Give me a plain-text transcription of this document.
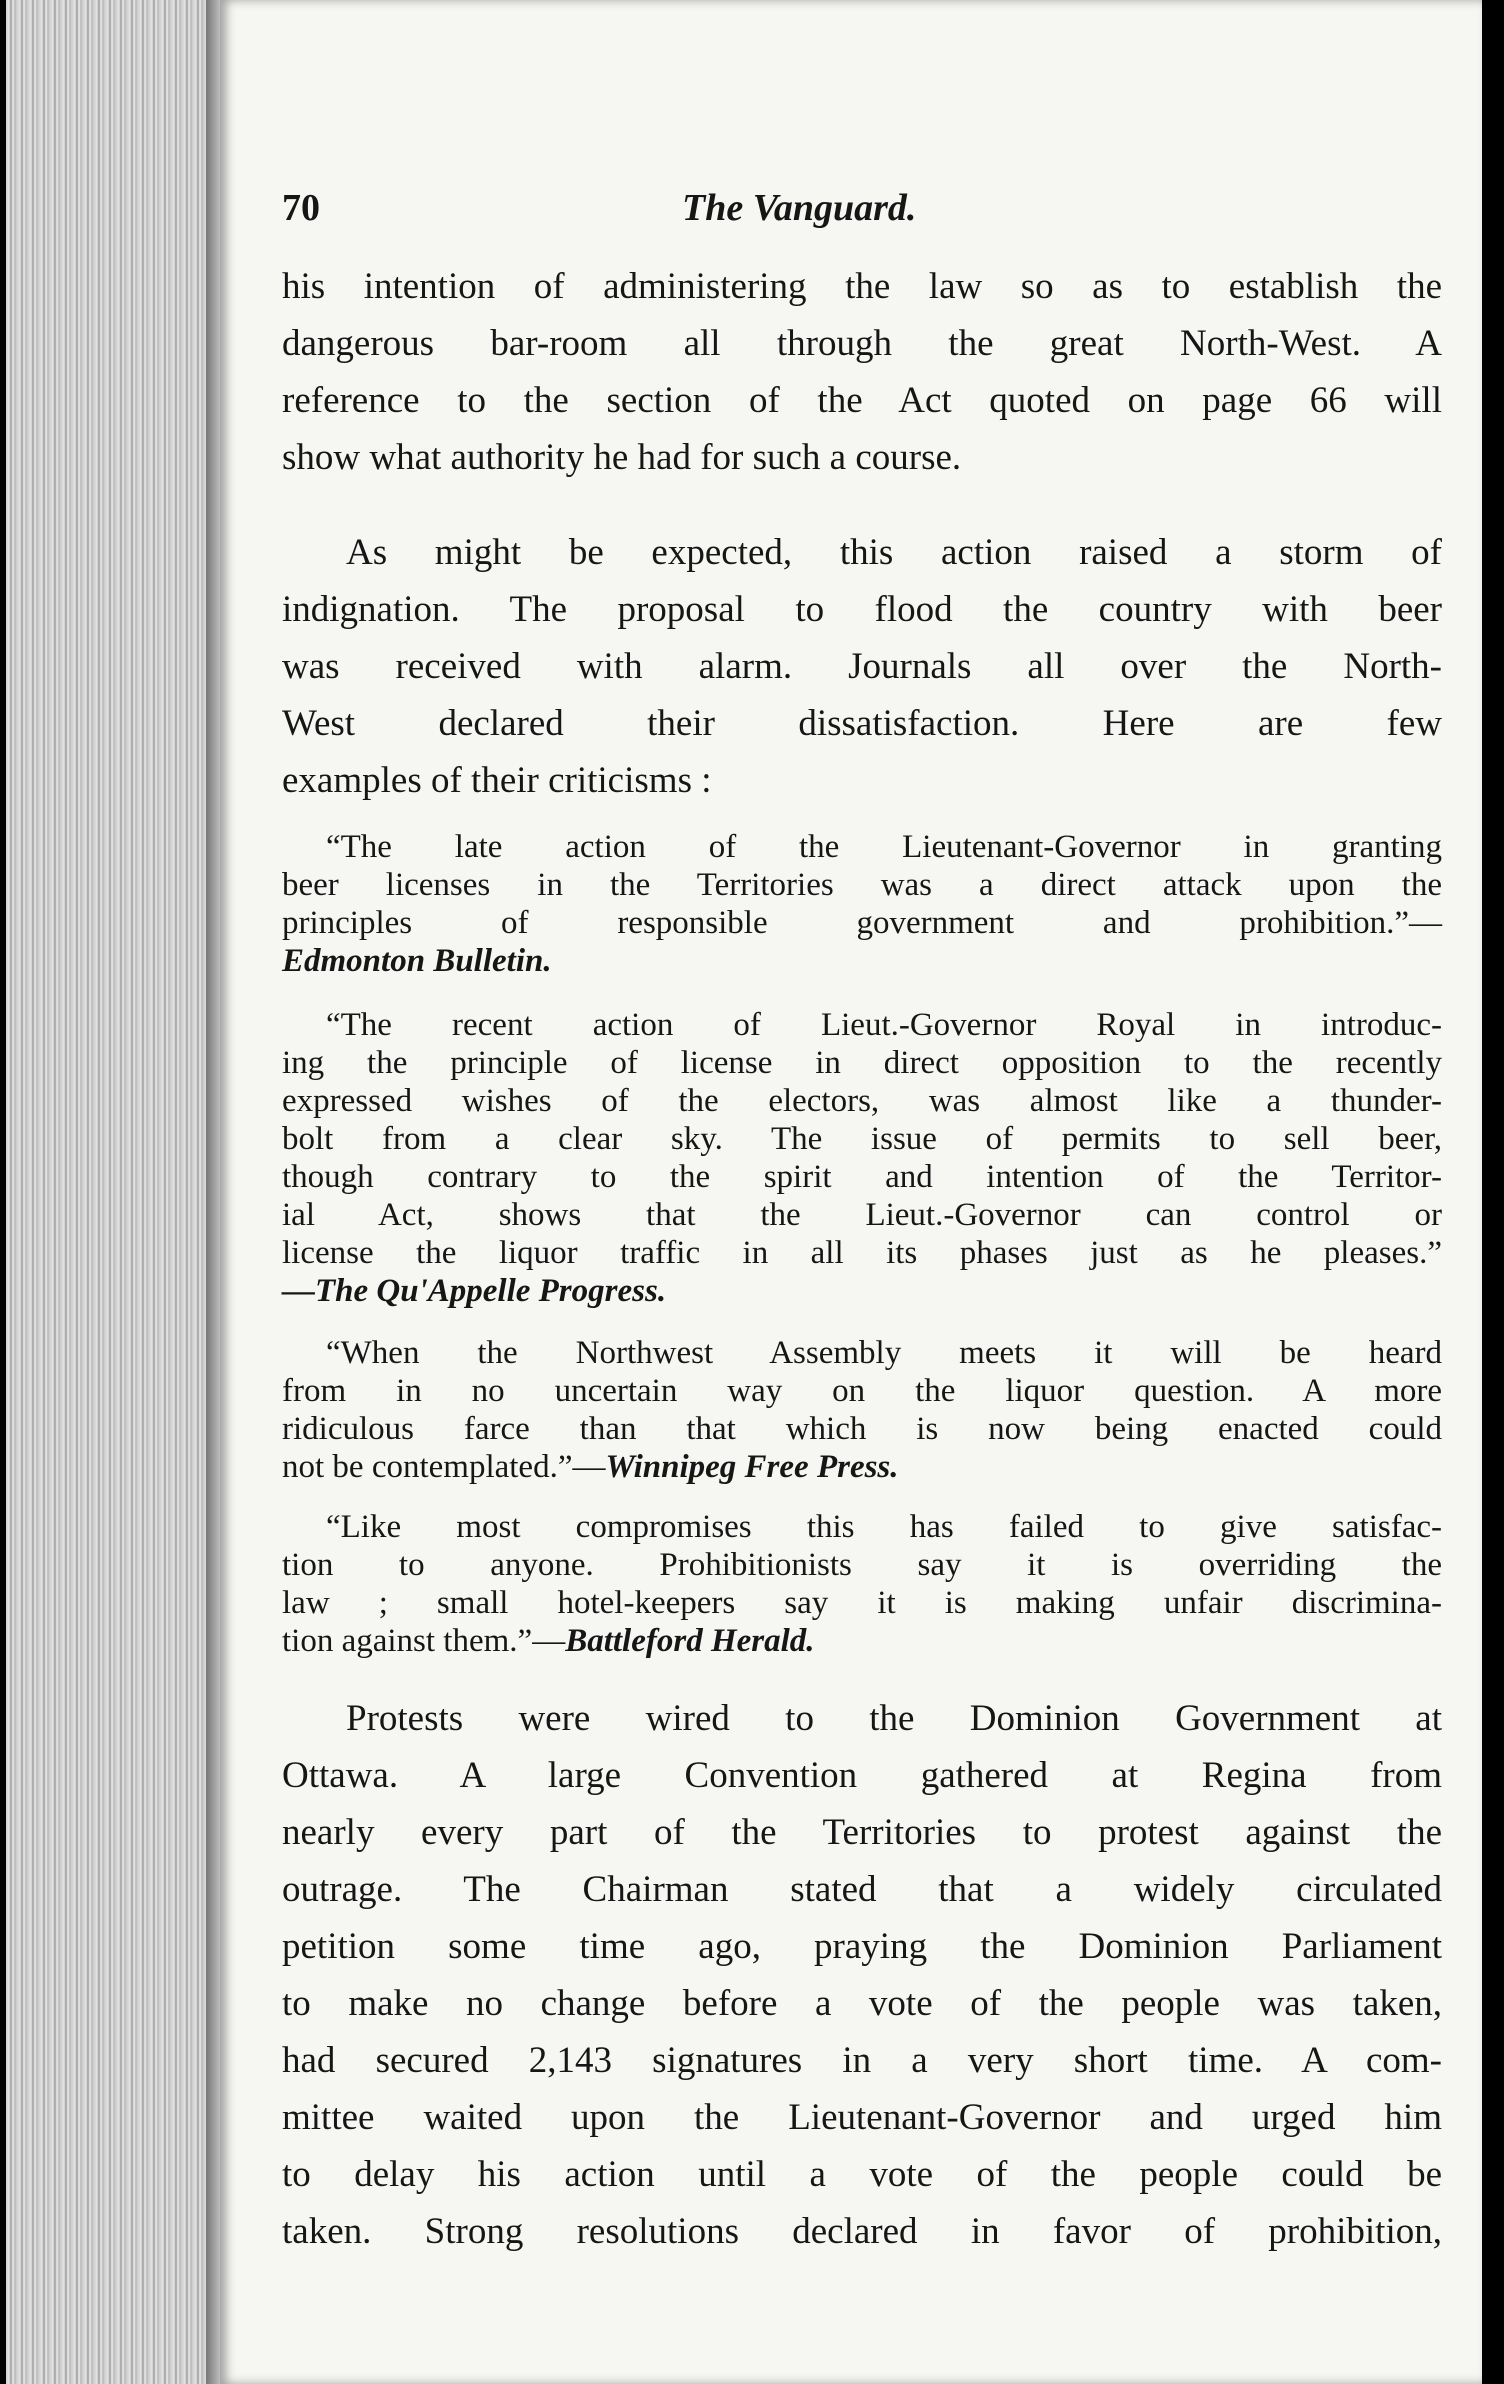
70	The Vanguard.
his intention of administering the law so as to establish the
dangerous bar-room all through the great North-West. A
reference to the section of the Act quoted on page 66 will
show what authority he had for such a course.
As might be expected, this action raised a storm of
indignation. The proposal to flood the country with beer
was received with alarm. Journals all over the North-
West declared their dissatisfaction. Here are few
examples of their criticisms :
“The late action of the Lieutenant-Governor in granting
beer licenses in the Territories was a direct attack upon the
principles of responsible government and prohibition.”—
Edmonton Bulletin.
“The recent action of Lieut.-Governor Royal in introduc-
ing the principle of license in direct opposition to the recently
expressed wishes of the electors, was almost like a thunder-
bolt from a clear sky. The issue of permits to sell beer,
though contrary to the spirit and intention of the Territor-
ial Act, shows that the Lieut.-Governor can control or
license the liquor traffic in all its phases just as he pleases.”
—The Qu'Appelle Progress.
“When the Northwest Assembly meets it will be heard
from in no uncertain way on the liquor question. A more
ridiculous farce than that which is now being enacted could
not be contemplated.”—Winnipeg Free Press.
“Like most compromises this has failed to give satisfac-
tion to anyone. Prohibitionists say it is overriding the
law ; small hotel-keepers say it is making unfair discrimina-
tion against them.”—Battleford Herald.
Protests were wired to the Dominion Government at
Ottawa. A large Convention gathered at Regina from
nearly every part of the Territories to protest against the
outrage. The Chairman stated that a widely circulated
petition some time ago, praying the Dominion Parliament
to make no change before a vote of the people was taken,
had secured 2,143 signatures in a very short time. A com-
mittee waited upon the Lieutenant-Governor and urged him
to delay his action until a vote of the people could be
taken. Strong resolutions declared in favor of prohibition,
